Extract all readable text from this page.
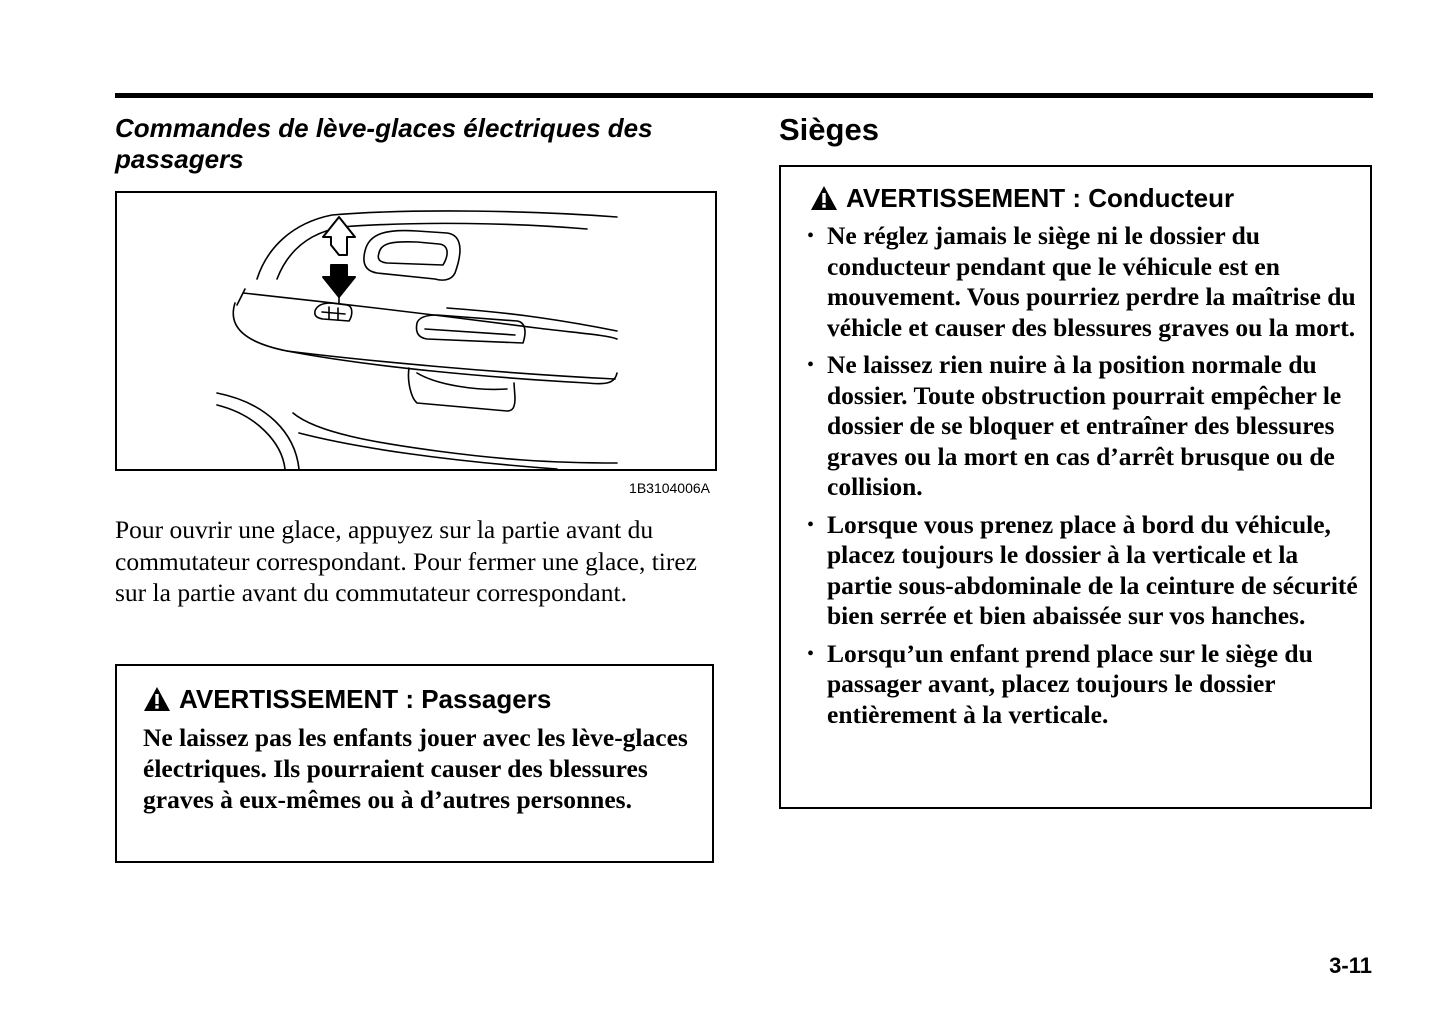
Commandes de lève-glaces électriques des passagers
1B3104006A
Pour ouvrir une glace, appuyez sur la partie avant du commutateur correspondant. Pour fermer une glace, tirez sur la partie avant du commutateur correspondant.
AVERTISSEMENT : Passagers
Ne laissez pas les enfants jouer avec les lève-glaces électriques. Ils pourraient causer des blessures graves à eux-mêmes ou à d’autres personnes.
Sièges
AVERTISSEMENT : Conducteur
• Ne réglez jamais le siège ni le dossier du conducteur pendant que le véhicule est en mouvement. Vous pourriez perdre la maîtrise du véhicle et causer des blessures graves ou la mort.
• Ne laissez rien nuire à la position normale du dossier. Toute obstruction pourrait empêcher le dossier de se bloquer et entraîner des blessures graves ou la mort en cas d’arrêt brusque ou de collision.
• Lorsque vous prenez place à bord du véhicule, placez toujours le dossier à la verticale et la partie sous-abdominale de la ceinture de sécurité bien serrée et bien abaissée sur vos hanches.
• Lorsqu’un enfant prend place sur le siège du passager avant, placez toujours le dossier entièrement à la verticale.
3-11
